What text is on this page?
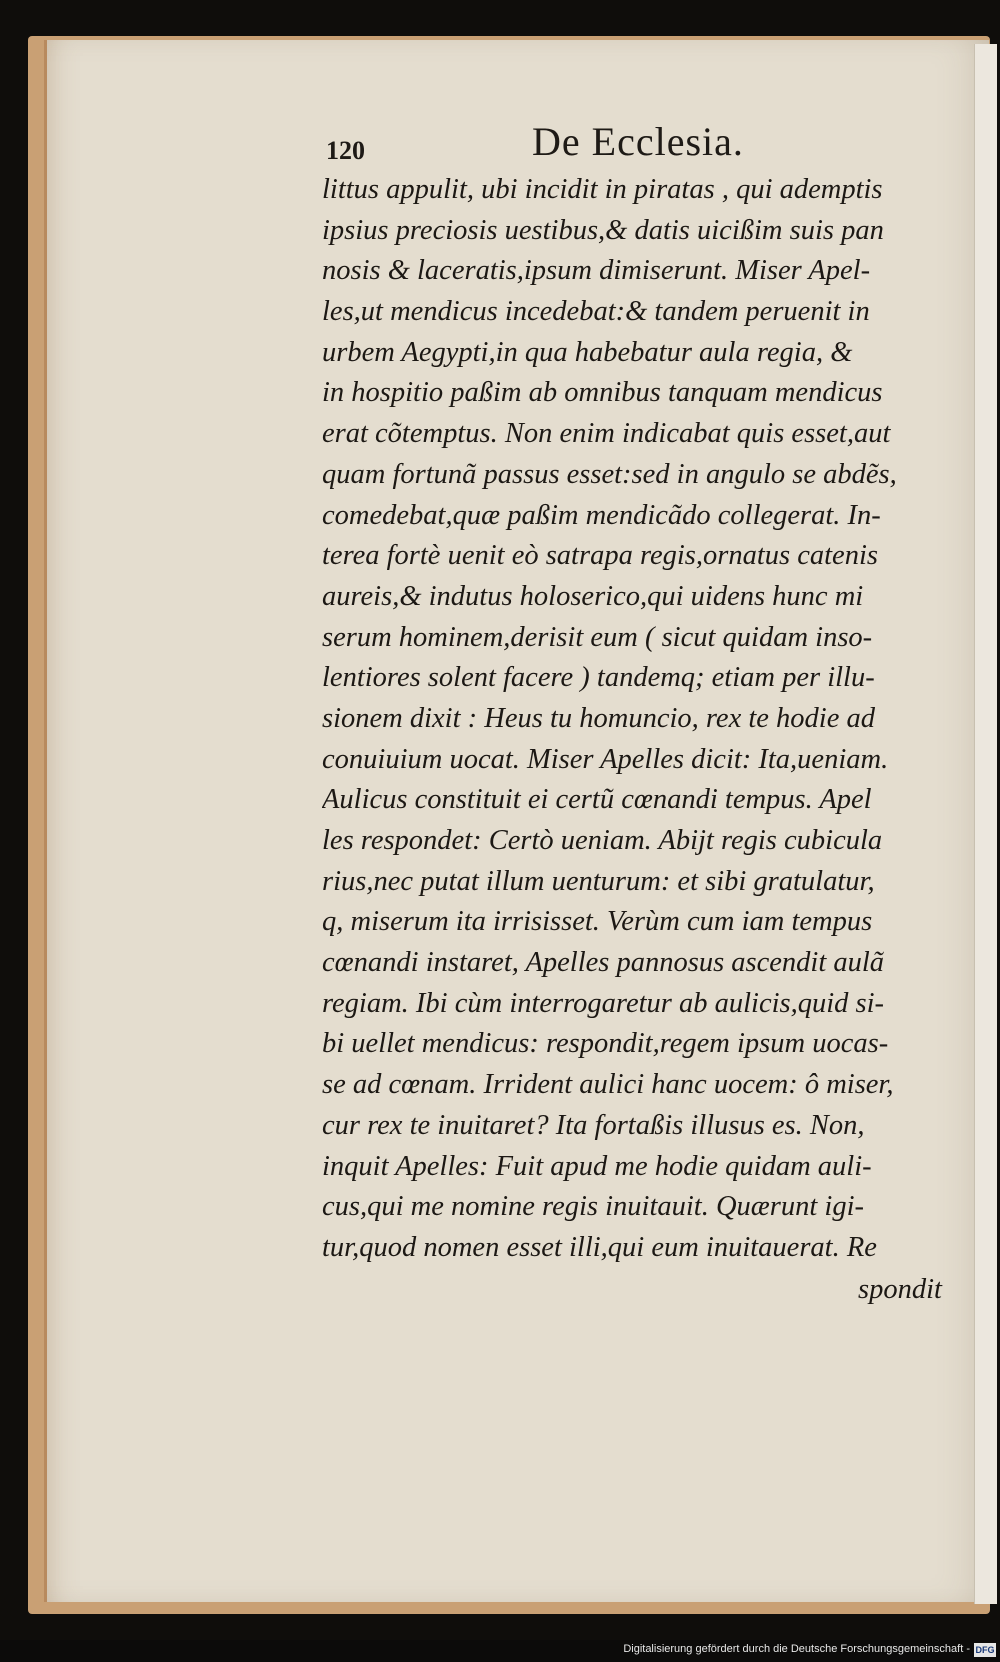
120	De Ecclesia.
littus appulit, ubi incidit in piratas , qui ademptis
ipsius preciosis uestibus,& datis uicißim suis pan
nosis & laceratis,ipsum dimiserunt. Miser Apel-
les,ut mendicus incedebat:& tandem peruenit in
urbem Aegypti,in qua habebatur aula regia, &
in hospitio paßim ab omnibus tanquam mendicus
erat cõtemptus. Non enim indicabat quis esset,aut
quam fortunã passus esset:sed in angulo se abdẽs,
comedebat,quæ paßim mendicãdo collegerat. In-
terea fortè uenit eò satrapa regis,ornatus catenis
aureis,& indutus holoserico,qui uidens hunc mi
serum hominem,derisit eum ( sicut quidam inso-
lentiores solent facere ) tandemq; etiam per illu-
sionem dixit : Heus tu homuncio, rex te hodie ad
conuiuium uocat. Miser Apelles dicit: Ita,ueniam.
Aulicus constituit ei certũ cœnandi tempus. Apel
les respondet: Certò ueniam. Abijt regis cubicula
rius,nec putat illum uenturum: et sibi gratulatur,
q, miserum ita irrisisset. Verùm cum iam tempus
cœnandi instaret, Apelles pannosus ascendit aulã
regiam. Ibi cùm interrogaretur ab aulicis,quid si-
bi uellet mendicus: respondit,regem ipsum uocas-
se ad cœnam. Irrident aulici hanc uocem: ô miser,
cur rex te inuitaret? Ita fortaßis illusus es. Non,
inquit Apelles: Fuit apud me hodie quidam auli-
cus,qui me nomine regis inuitauit. Quærunt igi-
tur,quod nomen esset illi,qui eum inuitauerat. Re
spondit
Digitalisierung gefördert durch die Deutsche Forschungsgemeinschaft - DFG
